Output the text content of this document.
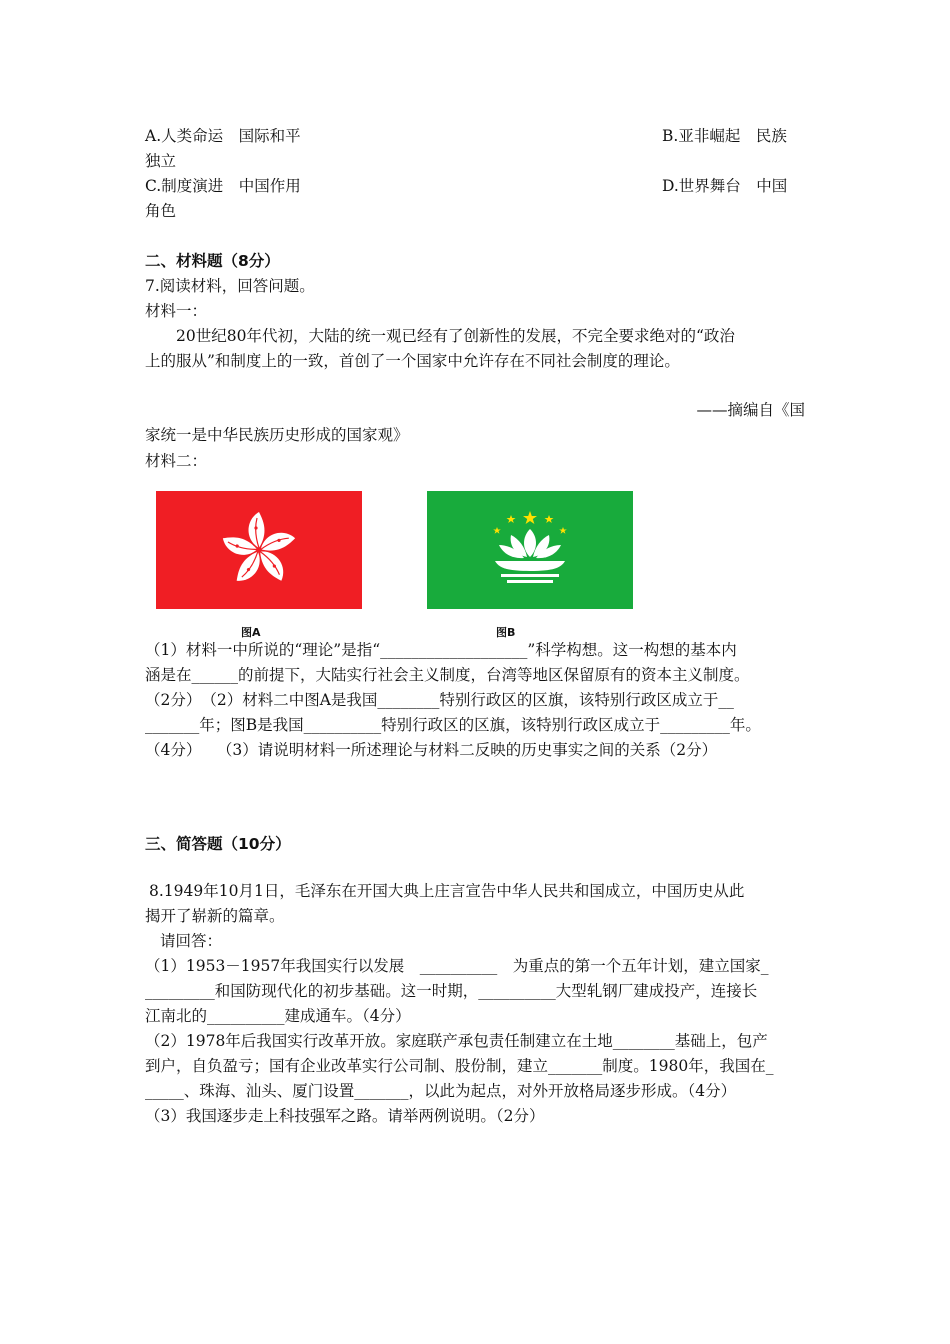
A.人类命运　国际和平	B.亚非崛起　民族
独立
C.制度演进　中国作用	D.世界舞台　中国
角色
二、材料题（8分）
7.阅读材料，回答问题。
材料一：
20世纪80年代初，大陆的统一观已经有了创新性的发展，不完全要求绝对的“政治
上的服从”和制度上的一致，首创了一个国家中允许存在不同社会制度的理论。
——摘编自《国
家统一是中华民族历史形成的国家观》
材料二：
图A	图B
（1）材料一中所说的“理论”是指“___________________”科学构想。这一构想的基本内
涵是在______的前提下，大陆实行社会主义制度，台湾等地区保留原有的资本主义制度。
（2分）　（2）材料二中图A是我国________特别行政区的区旗，该特别行政区成立于__
_______年；图B是我国__________特别行政区的区旗，该特别行政区成立于_________年。
（4分）　　（3）请说明材料一所述理论与材料二反映的历史事实之间的关系（2分）
三、简答题（10分）
8.1949年10月1日，毛泽东在开国大典上庄言宣告中华人民共和国成立，中国历史从此
揭开了崭新的篇章。
请回答：
（1）1953－1957年我国实行以发展　__________　为重点的第一个五年计划，建立国家_
_________和国防现代化的初步基础。这一时期，__________大型轧钢厂建成投产，连接长
江南北的__________建成通车。（4分）
（2）1978年后我国实行改革开放。家庭联产承包责任制建立在土地________基础上，包产
到户，自负盈亏；国有企业改革实行公司制、股份制，建立_______制度。1980年，我国在_
_____、珠海、汕头、厦门设置_______，以此为起点，对外开放格局逐步形成。（4分）
（3）我国逐步走上科技强军之路。请举两例说明。（2分）
